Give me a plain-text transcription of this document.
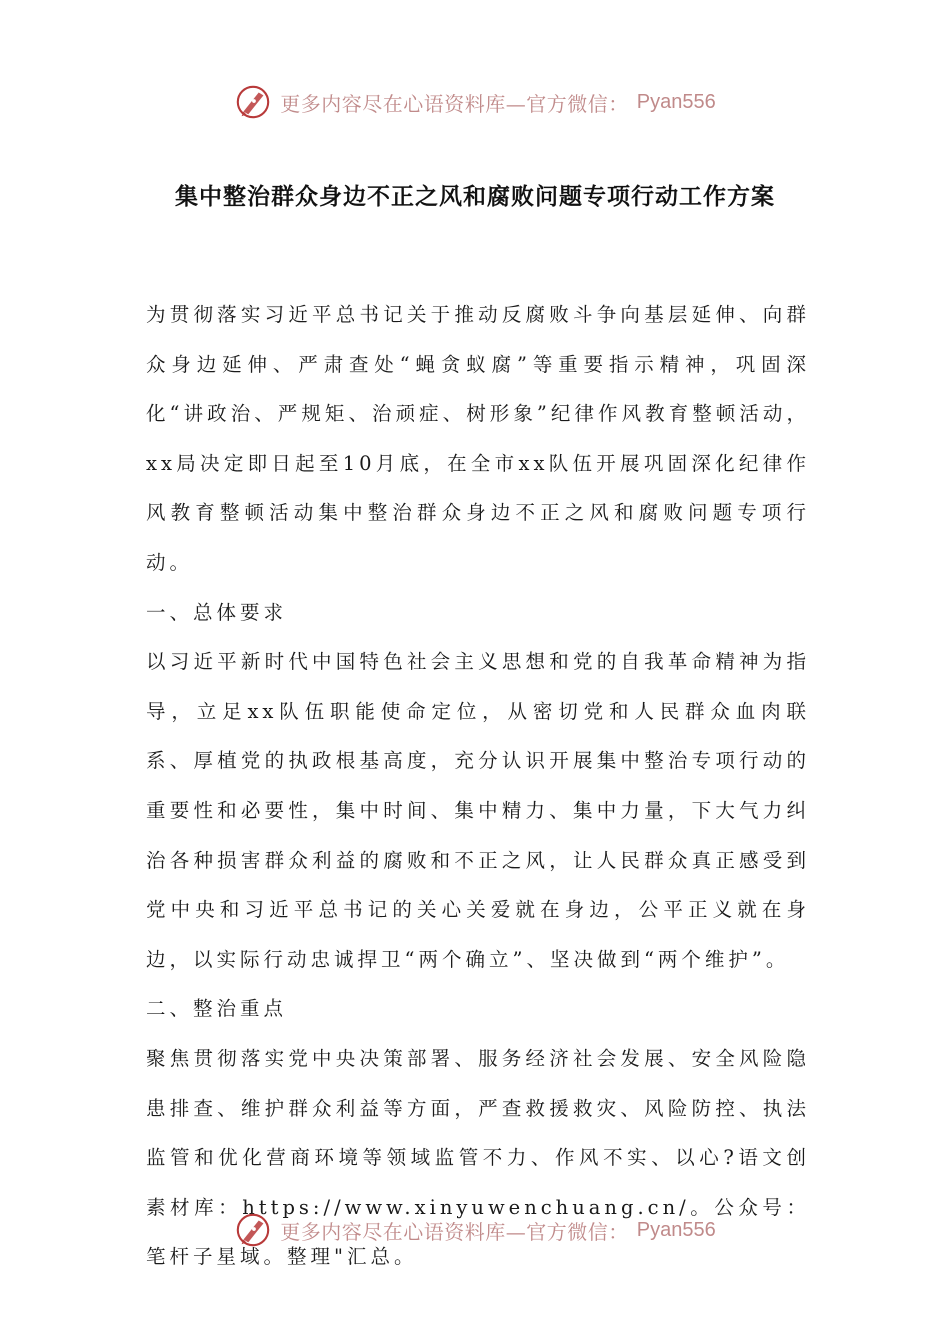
更多内容尽在心语资料库—官方微信： Pyan556
集中整治群众身边不正之风和腐败问题专项行动工作方案

为贯彻落实习近平总书记关于推动反腐败斗争向基层延伸、向群众身边延伸、严肃查处“蝇贪蚁腐”等重要指示精神，巩固深化“讲政治、严规矩、治顽症、树形象”纪律作风教育整顿活动，xx局决定即日起至10月底，在全市xx队伍开展巩固深化纪律作风教育整顿活动集中整治群众身边不正之风和腐败问题专项行动。

一、总体要求

以习近平新时代中国特色社会主义思想和党的自我革命精神为指导，立足xx队伍职能使命定位，从密切党和人民群众血肉联系、厚植党的执政根基高度，充分认识开展集中整治专项行动的重要性和必要性，集中时间、集中精力、集中力量，下大气力纠治各种损害群众利益的腐败和不正之风，让人民群众真正感受到党中央和习近平总书记的关心关爱就在身边，公平正义就在身边，以实际行动忠诚捍卫“两个确立”、坚决做到“两个维护”。

二、整治重点

聚焦贯彻落实党中央决策部署、服务经济社会发展、安全风险隐患排查、维护群众利益等方面，严查救援救灾、风险防控、执法监管和优化营商环境等领域监管不力、作风不实、以心?语文创素材库：https://www.xinyuwenchuang.cn/。公众号：笔杆子星域。整理"汇总。

更多内容尽在心语资料库—官方微信： Pyan556
